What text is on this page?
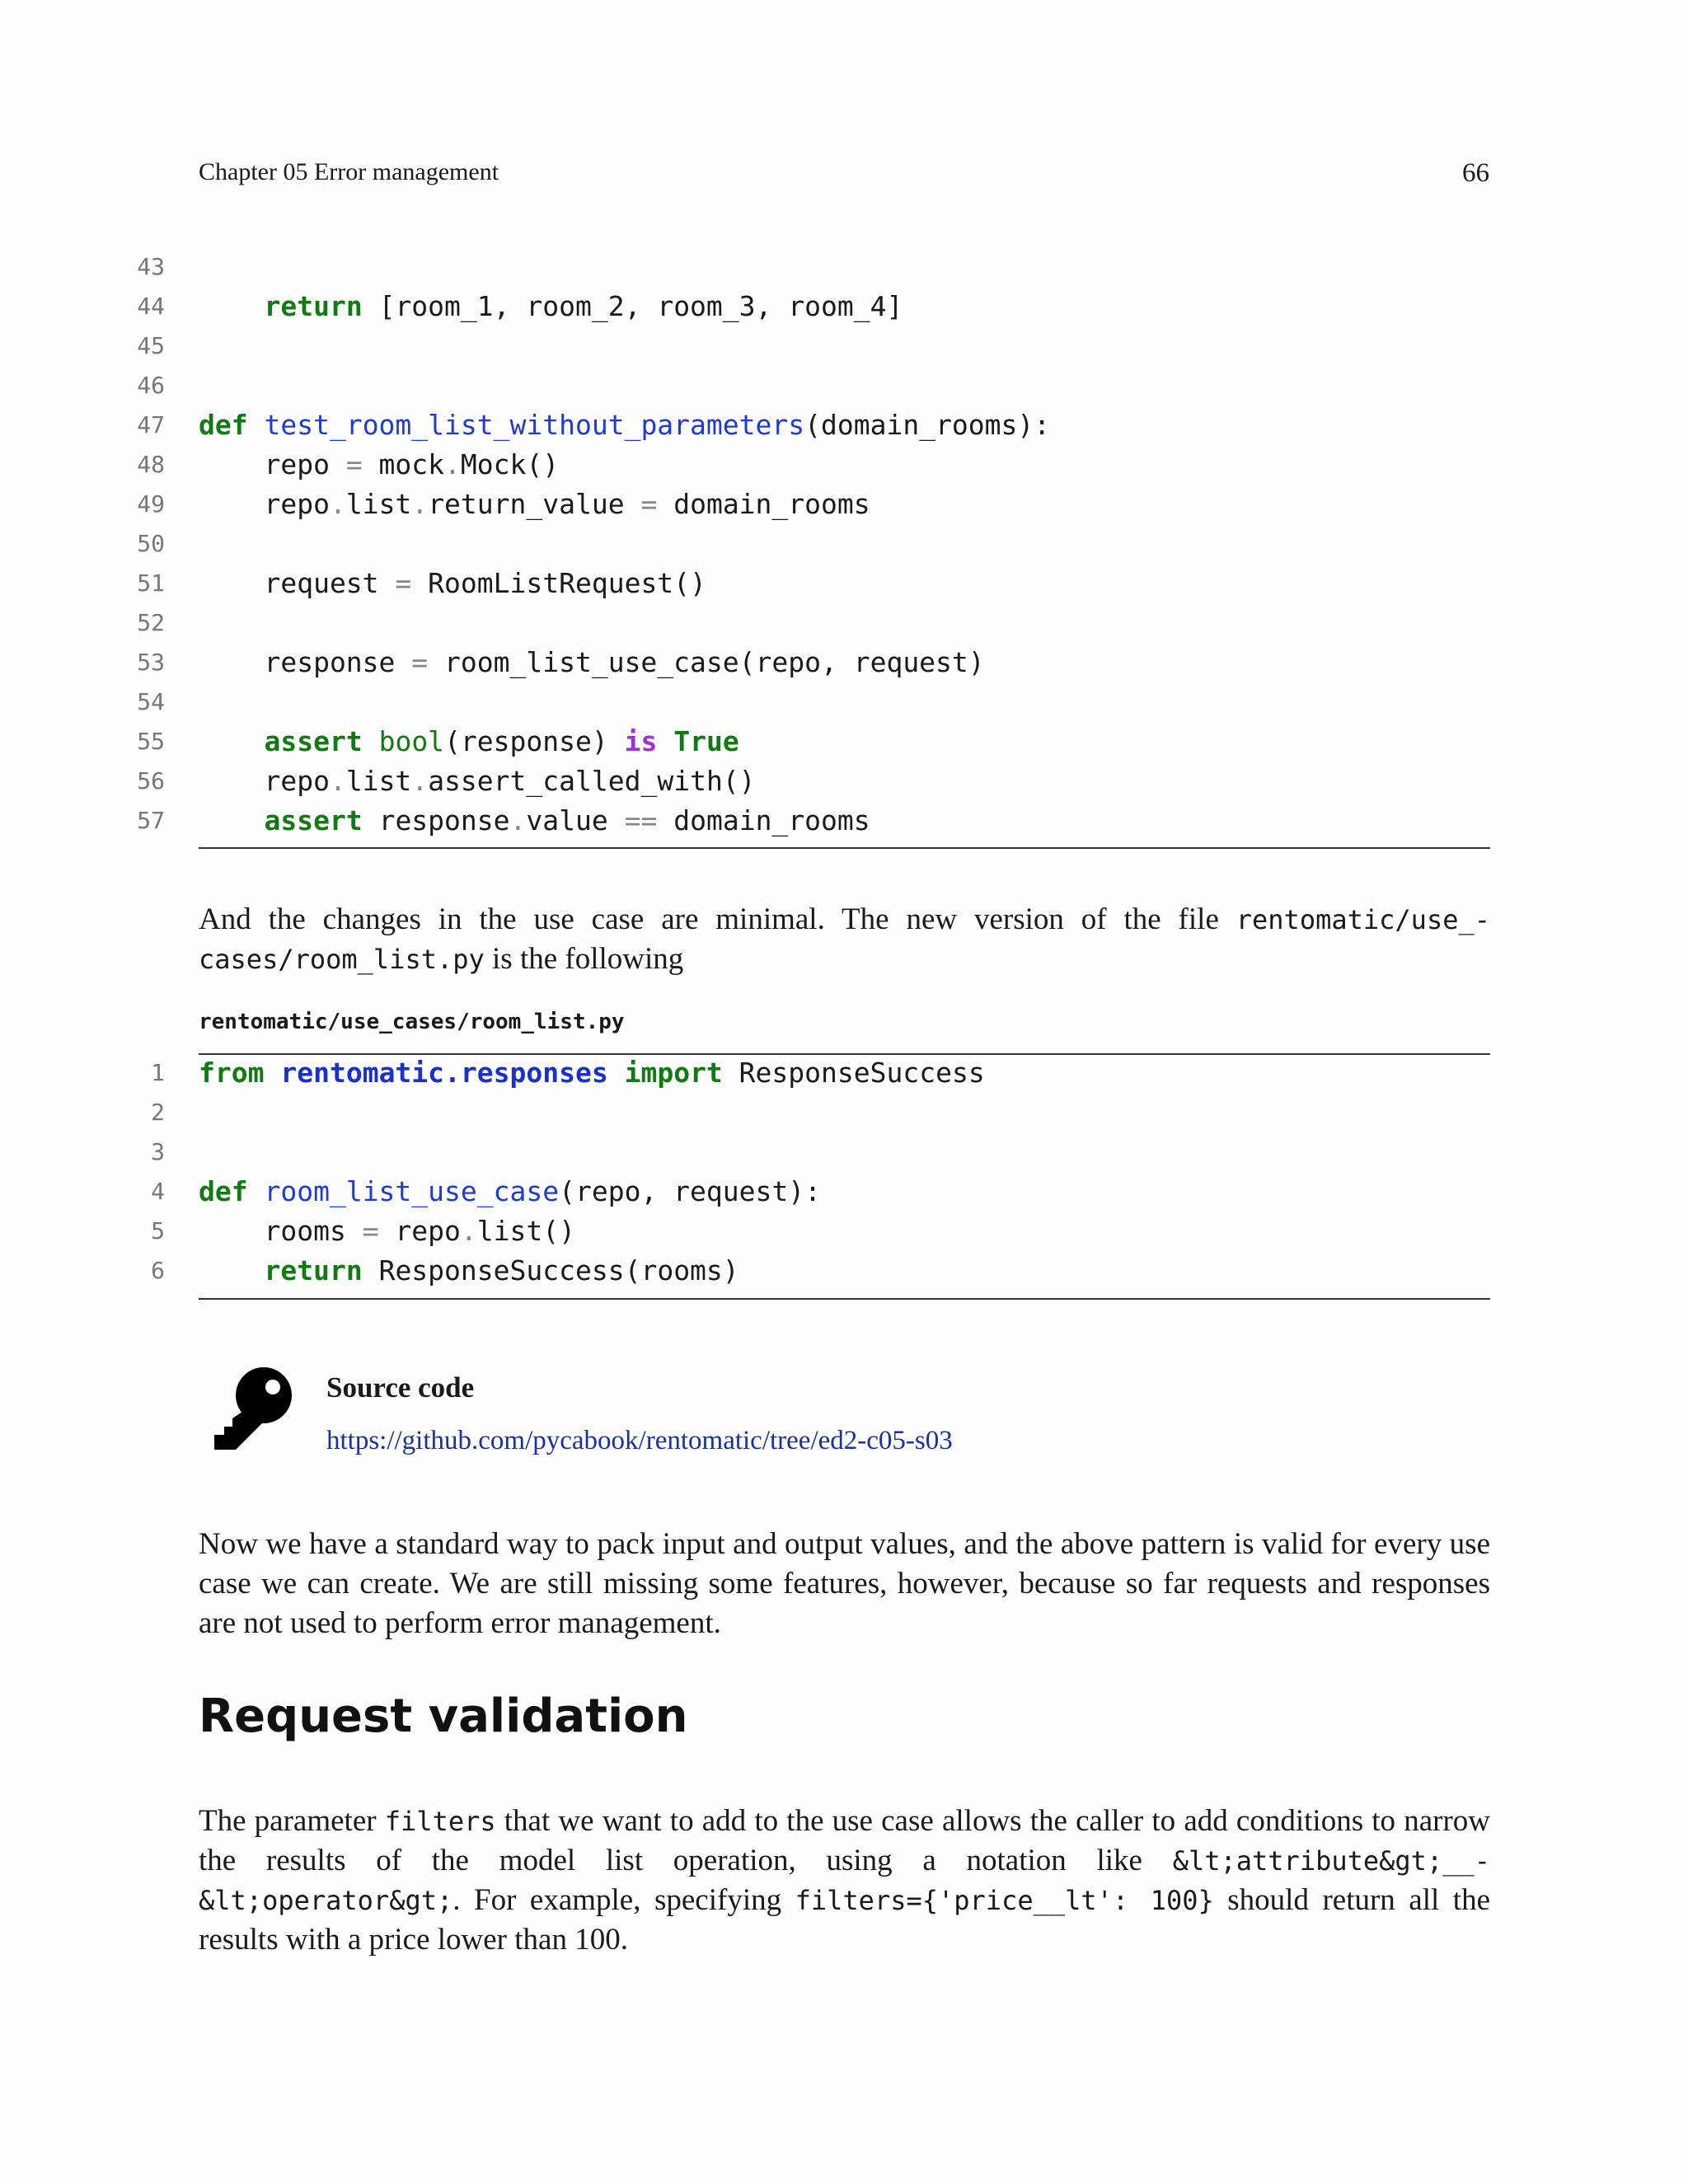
Chapter 05 Error management	66
43
44	return [room_1, room_2, room_3, room_4]
45
46
47 def test_room_list_without_parameters(domain_rooms):
48 repo = mock.Mock()
49 repo.list.return_value = domain_rooms
50
51 request = RoomListRequest()
52
53 response = room_list_use_case(repo, request)
54
55	assert bool(response) is True
56 repo.list.assert_called_with()
57	assert response.value == domain_rooms
And the changes in the use case are minimal. The new version of the file rentomatic/use_-cases/room_list.py is the following
rentomatic/use_cases/room_list.py
1 from rentomatic.responses import ResponseSuccess
2
3
4 def room_list_use_case(repo, request):
5 rooms = repo.list()
6	return ResponseSuccess(rooms)
Source code
https://github.com/pycabook/rentomatic/tree/ed2-c05-s03
Now we have a standard way to pack input and output values, and the above pattern is valid for every use case we can create. We are still missing some features, however, because so far requests and responses are not used to perform error management.
Request validation
The parameter filters that we want to add to the use case allows the caller to add conditions to narrow the results of the model list operation, using a notation like &lt;attribute&gt;__-&lt;operator&gt;. For example, specifying filters={'price__lt': 100} should return all the results with a price lower than 100.
